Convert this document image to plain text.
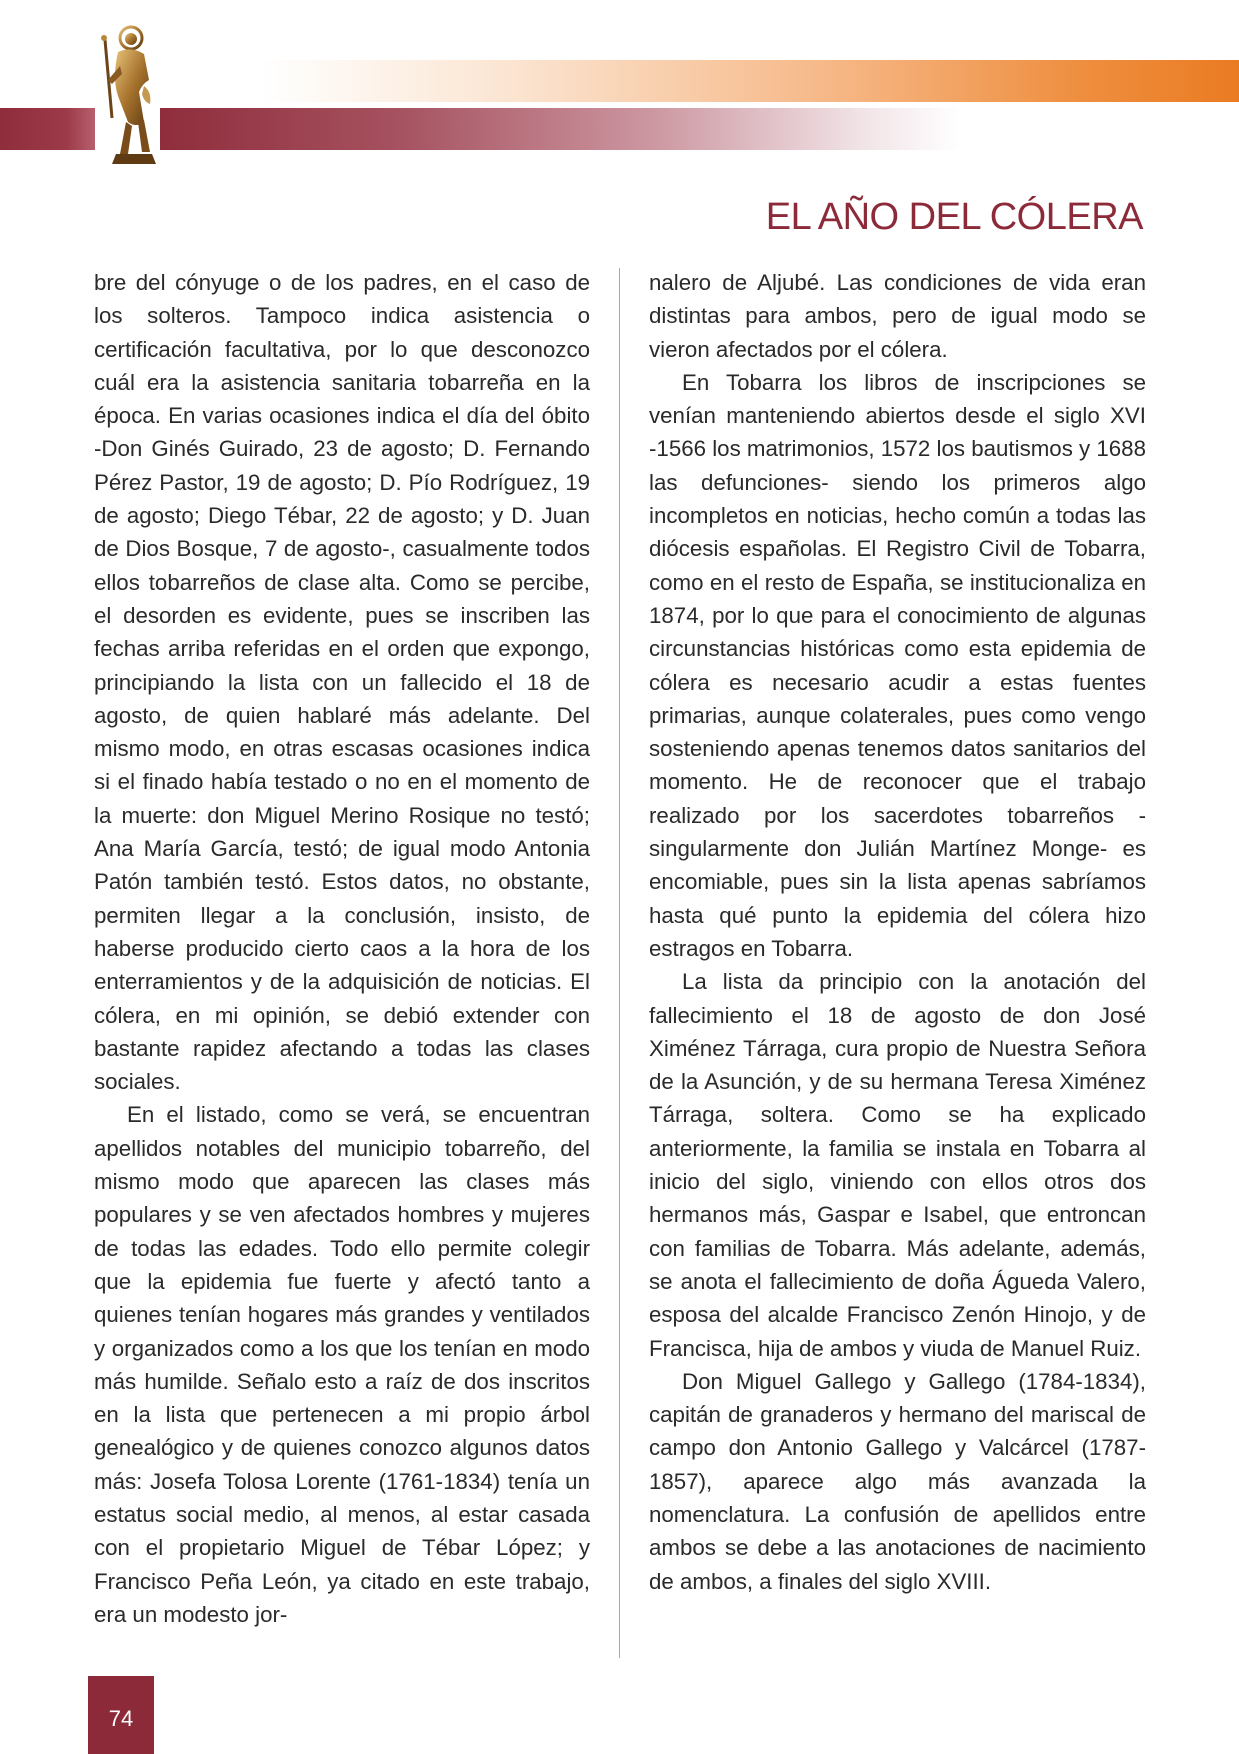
EL AÑO DEL CÓLERA

bre del cónyuge o de los padres, en el caso de los solteros. Tampoco indica asistencia o certificación facultativa, por lo que desconozco cuál era la asistencia sanitaria tobarreña en la época. En varias ocasiones indica el día del óbito -Don Ginés Guirado, 23 de agosto; D. Fernando Pérez Pastor, 19 de agosto; D. Pío Rodríguez, 19 de agosto; Diego Tébar, 22 de agosto; y D. Juan de Dios Bosque, 7 de agosto-, casualmente todos ellos tobarreños de clase alta. Como se percibe, el desorden es evidente, pues se inscriben las fechas arriba referidas en el orden que expongo, principiando la lista con un fallecido el 18 de agosto, de quien hablaré más adelante. Del mismo modo, en otras escasas ocasiones indica si el finado había testado o no en el momento de la muerte: don Miguel Merino Rosique no testó; Ana María García, testó; de igual modo Antonia Patón también testó. Estos datos, no obstante, permiten llegar a la conclusión, insisto, de haberse producido cierto caos a la hora de los enterramientos y de la adquisición de noticias. El cólera, en mi opinión, se debió extender con bastante rapidez afectando a todas las clases sociales.

En el listado, como se verá, se encuentran apellidos notables del municipio tobarreño, del mismo modo que aparecen las clases más populares y se ven afectados hombres y mujeres de todas las edades. Todo ello permite colegir que la epidemia fue fuerte y afectó tanto a quienes tenían hogares más grandes y ventilados y organizados como a los que los tenían en modo más humilde. Señalo esto a raíz de dos inscritos en la lista que pertenecen a mi propio árbol genealógico y de quienes conozco algunos datos más: Josefa Tolosa Lorente (1761-1834) tenía un estatus social medio, al menos, al estar casada con el propietario Miguel de Tébar López; y Francisco Peña León, ya citado en este trabajo, era un modesto jor-

nalero de Aljubé. Las condiciones de vida eran distintas para ambos, pero de igual modo se vieron afectados por el cólera.

En Tobarra los libros de inscripciones se venían manteniendo abiertos desde el siglo XVI -1566 los matrimonios, 1572 los bautismos y 1688 las defunciones- siendo los primeros algo incompletos en noticias, hecho común a todas las diócesis españolas. El Registro Civil de Tobarra, como en el resto de España, se institucionaliza en 1874, por lo que para el conocimiento de algunas circunstancias históricas como esta epidemia de cólera es necesario acudir a estas fuentes primarias, aunque colaterales, pues como vengo sosteniendo apenas tenemos datos sanitarios del momento. He de reconocer que el trabajo realizado por los sacerdotes tobarreños -singularmente don Julián Martínez Monge- es encomiable, pues sin la lista apenas sabríamos hasta qué punto la epidemia del cólera hizo estragos en Tobarra.

La lista da principio con la anotación del fallecimiento el 18 de agosto de don José Ximénez Tárraga, cura propio de Nuestra Señora de la Asunción, y de su hermana Teresa Ximénez Tárraga, soltera. Como se ha explicado anteriormente, la familia se instala en Tobarra al inicio del siglo, viniendo con ellos otros dos hermanos más, Gaspar e Isabel, que entroncan con familias de Tobarra. Más adelante, además, se anota el fallecimiento de doña Águeda Valero, esposa del alcalde Francisco Zenón Hinojo, y de Francisca, hija de ambos y viuda de Manuel Ruiz.

Don Miguel Gallego y Gallego (1784-1834), capitán de granaderos y hermano del mariscal de campo don Antonio Gallego y Valcárcel (1787-1857), aparece algo más avanzada la nomenclatura. La confusión de apellidos entre ambos se debe a las anotaciones de nacimiento de ambos, a finales del siglo XVIII.

74
